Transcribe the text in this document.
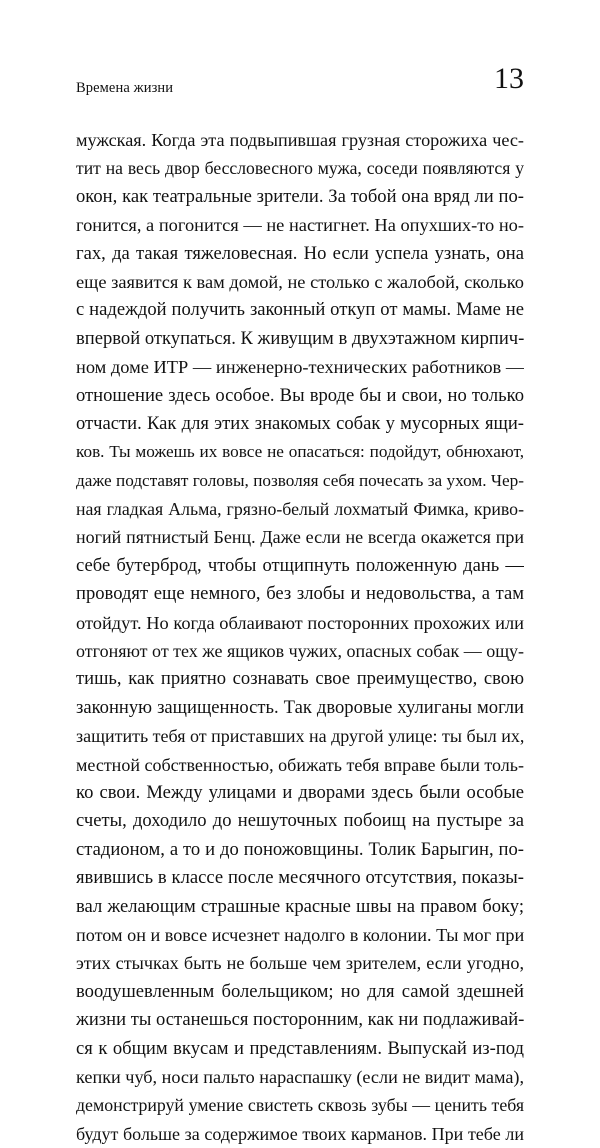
Времена жизни	13
мужская. Когда эта подвыпившая грузная сторожиха чес-
тит на весь двор бессловесного мужа, соседи появляются у
окон, как театральные зрители. За тобой она вряд ли по-
гонится, а погонится — не настигнет. На опухших-то но-
гах, да такая тяжеловесная. Но если успела узнать, она
еще заявится к вам домой, не столько с жалобой, сколько
с надеждой получить законный откуп от мамы. Маме не
впервой откупаться. К живущим в двухэтажном кирпич-
ном доме ИТР — инженерно-технических работников —
отношение здесь особое. Вы вроде бы и свои, но только
отчасти. Как для этих знакомых собак у мусорных ящи-
ков. Ты можешь их вовсе не опасаться: подойдут, обнюхают,
даже подставят головы, позволяя себя почесать за ухом. Чер-
ная гладкая Альма, грязно-белый лохматый Фимка, криво-
ногий пятнистый Бенц. Даже если не всегда окажется при
себе бутерброд, чтобы отщипнуть положенную дань —
проводят еще немного, без злобы и недовольства, а там
отойдут. Но когда облаивают посторонних прохожих или
отгоняют от тех же ящиков чужих, опасных собак — ощу-
тишь, как приятно сознавать свое преимущество, свою
законную защищенность. Так дворовые хулиганы могли
защитить тебя от приставших на другой улице: ты был их,
местной собственностью, обижать тебя вправе были толь-
ко свои. Между улицами и дворами здесь были особые
счеты, доходило до нешуточных побоищ на пустыре за
стадионом, а то и до поножовщины. Толик Барыгин, по-
явившись в классе после месячного отсутствия, показы-
вал желающим страшные красные швы на правом боку;
потом он и вовсе исчезнет надолго в колонии. Ты мог при
этих стычках быть не больше чем зрителем, если угодно,
воодушевленным болельщиком; но для самой здешней
жизни ты останешься посторонним, как ни подлаживай-
ся к общим вкусам и представлениям. Выпускай из-под
кепки чуб, носи пальто нараспашку (если не видит мама),
демонстрируй умение свистеть сквозь зубы — ценить тебя
будут больше за содержимое твоих карманов. При тебе ли
